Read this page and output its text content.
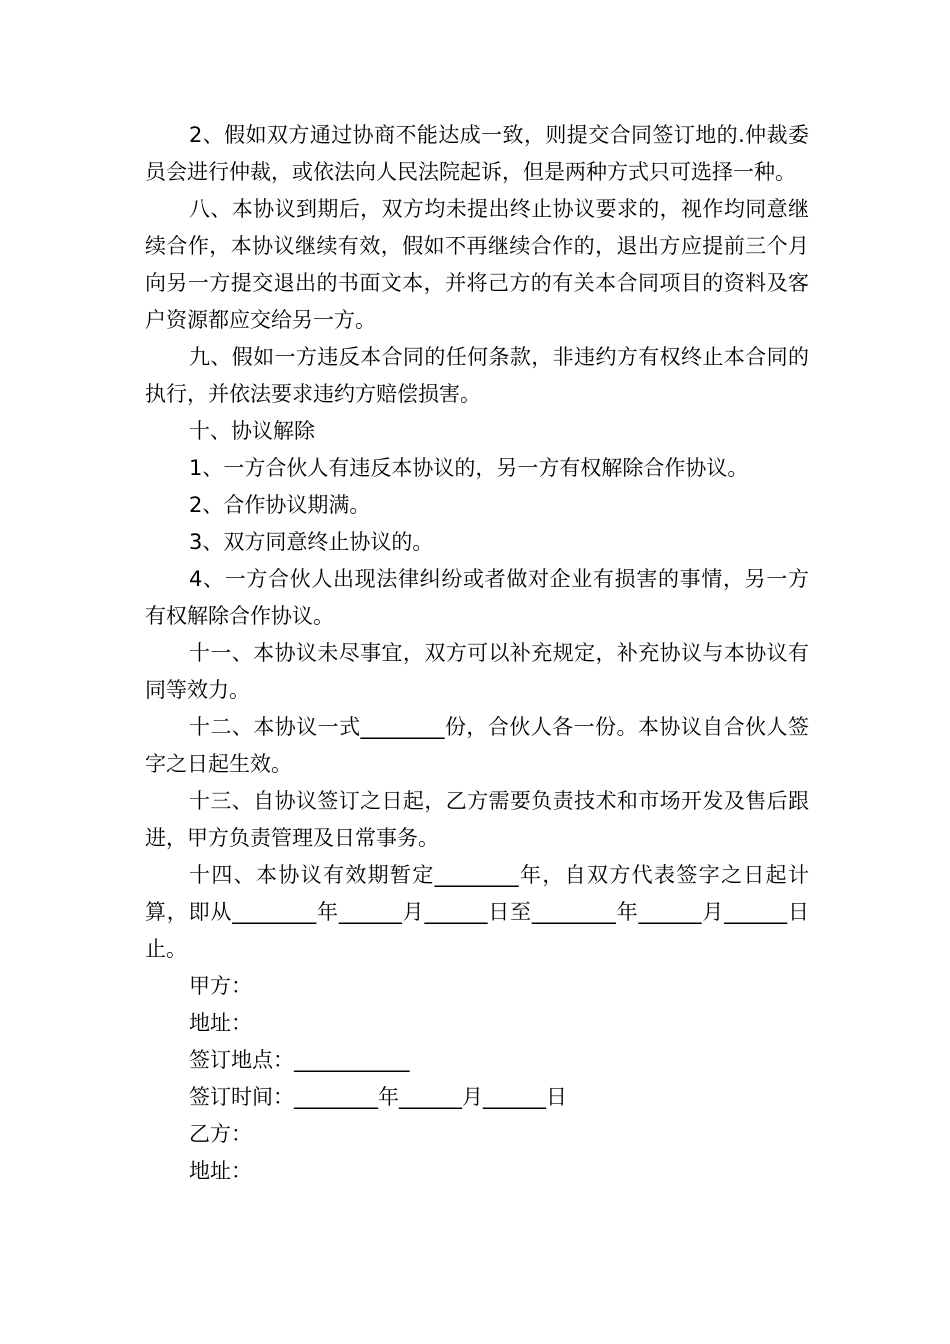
2、假如双方通过协商不能达成一致，则提交合同签订地的.仲裁委员会进行仲裁，或依法向人民法院起诉，但是两种方式只可选择一种。

八、本协议到期后，双方均未提出终止协议要求的，视作均同意继续合作，本协议继续有效，假如不再继续合作的，退出方应提前三个月向另一方提交退出的书面文本，并将己方的有关本合同项目的资料及客户资源都应交给另一方。

九、假如一方违反本合同的任何条款，非违约方有权终止本合同的执行，并依法要求违约方赔偿损害。

十、协议解除

1、一方合伙人有违反本协议的，另一方有权解除合作协议。

2、合作协议期满。

3、双方同意终止协议的。

4、一方合伙人出现法律纠纷或者做对企业有损害的事情，另一方有权解除合作协议。

十一、本协议未尽事宜，双方可以补充规定，补充协议与本协议有同等效力。

十二、本协议一式________份，合伙人各一份。本协议自合伙人签字之日起生效。

十三、自协议签订之日起，乙方需要负责技术和市场开发及售后跟进，甲方负责管理及日常事务。

十四、本协议有效期暂定________年，自双方代表签字之日起计算，即从________年______月______日至________年______月______日止。

甲方：

地址：

签订地点：___________

签订时间：________年______月______日

乙方：

地址：
